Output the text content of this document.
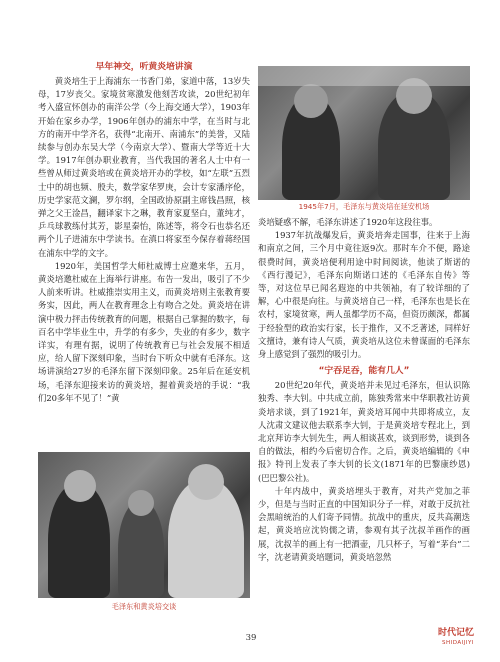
早年神交，听黄炎培讲演

黄炎培生于上海浦东一书香门弟，家道中落，13岁失母，17岁丧父。家境贫寒激发他刻苦攻读，20世纪初年考入盛宣怀创办的南洋公学（今上海交通大学），1903年开始在家乡办学，1906年创办的浦东中学，在当时与北方的南开中学齐名，获得“北南开、南浦东”的美誉，又陆续参与创办东吴大学（今南京大学）、暨南大学等近十大学。1917年创办职业教育，当代我国的著名人士中有一些曾从师过黄炎培或在黄炎培开办的学校，如“左联”五烈士中的胡也频、殷夫，数学家华罗庚，会计专家潘序伦，历史学家范文澜，罗尔纲，全国政协原副主席钱昌照，核弹之父王淦昌，翻译家卞之琳，教育家夏坚白，董纯才，乒乓球教练付其芳，影星秦怡，陈述等，将令石也恭名还两个儿子进浦东中学读书。在滇口将家至今保存着蒋经国在浦东中学的文字。

1920年，美国哲学大师杜威博士应邀来华，五月，黄炎培邀杜威在上海举行讲座。布告一发出，吸引了不少人前来听讲。杜威推崇实用主义，而黄炎培则主张教育要务实，因此，两人在教育理念上有吻合之处。黄炎培在讲演中极力抨击传统教育的问题，根据自己掌握的数字，每百名中学毕业生中，升学的有多少，失业的有多少，数字详实，有理有据，说明了传统教育已与社会发展不相适应，给人留下深刻印象，当时台下听众中就有毛泽东。这场讲演给27岁的毛泽东留下深刻印象。25年后在延安机场，毛泽东迎接来访的黄炎培，握着黄炎培的手说：“我们20多年不见了！”黄

1945年7月，毛泽东与黄炎培在延安机场

炎培疑惑不解，毛泽东讲述了1920年这段往事。

1937年抗战爆发后，黄炎培奔走国事，往来于上海和南京之间，三个月中竟往返9次。那时车介不便，路途很费时间，黄炎培便利用途中时间阅读，他读了斯诺的《西行漫记》，毛泽东向斯诺口述的《毛泽东自传》等等，对这位早已闻名遐迩的中共领袖，有了较详细的了解，心中很是向往。与黄炎培自己一样，毛泽东也是长在农村，家境贫寒，两人虽都学历不高，但资历颇深，都属于经验型的政治实行家，长于推作，又不乏著述，同样好文擅诗，兼有诗人气质，黄炎培从这位未曾谋面的毛泽东身上感觉到了强烈的吸引力。

“宁吞足吞，能有几人”

20世纪20年代，黄炎培并未见过毛泽东，但认识陈独秀、李大钊。中共成立前，陈独秀常来中华职教社访黄炎培求谈，到了1921年，黄炎培耳闻中共即将成立，友人沈肃文建议他去联系李大钊，于是黄炎培专程北上，到北京拜访李大钊先生，两人相谈甚欢，谈到形势，谈到各自的做法，相约今后密切合作。之后，黄炎培编辑的《申报》特刊上发表了李大钊的长文(1871年的巴黎康纱恩)(巴巴黎公社)。

十年内战中，黄炎培埋头于教育，对共产党加之菲少，但是与当时正直的中国知识分子一样，对敢于反抗社会黑暗统治的人们寄予同情。抗战中的重庆，反共高潮迭起，黄炎培应沈钧儒之请，参观有其子沈叔羊画作的画展，沈叔羊的画上有一把酒壶，几只杯子，写着“茅台”二字，沈老请黄炎培题词，黄炎培忽然

毛泽东和黄炎培交谈
39	时代记忆
SHIDAIJIYI
